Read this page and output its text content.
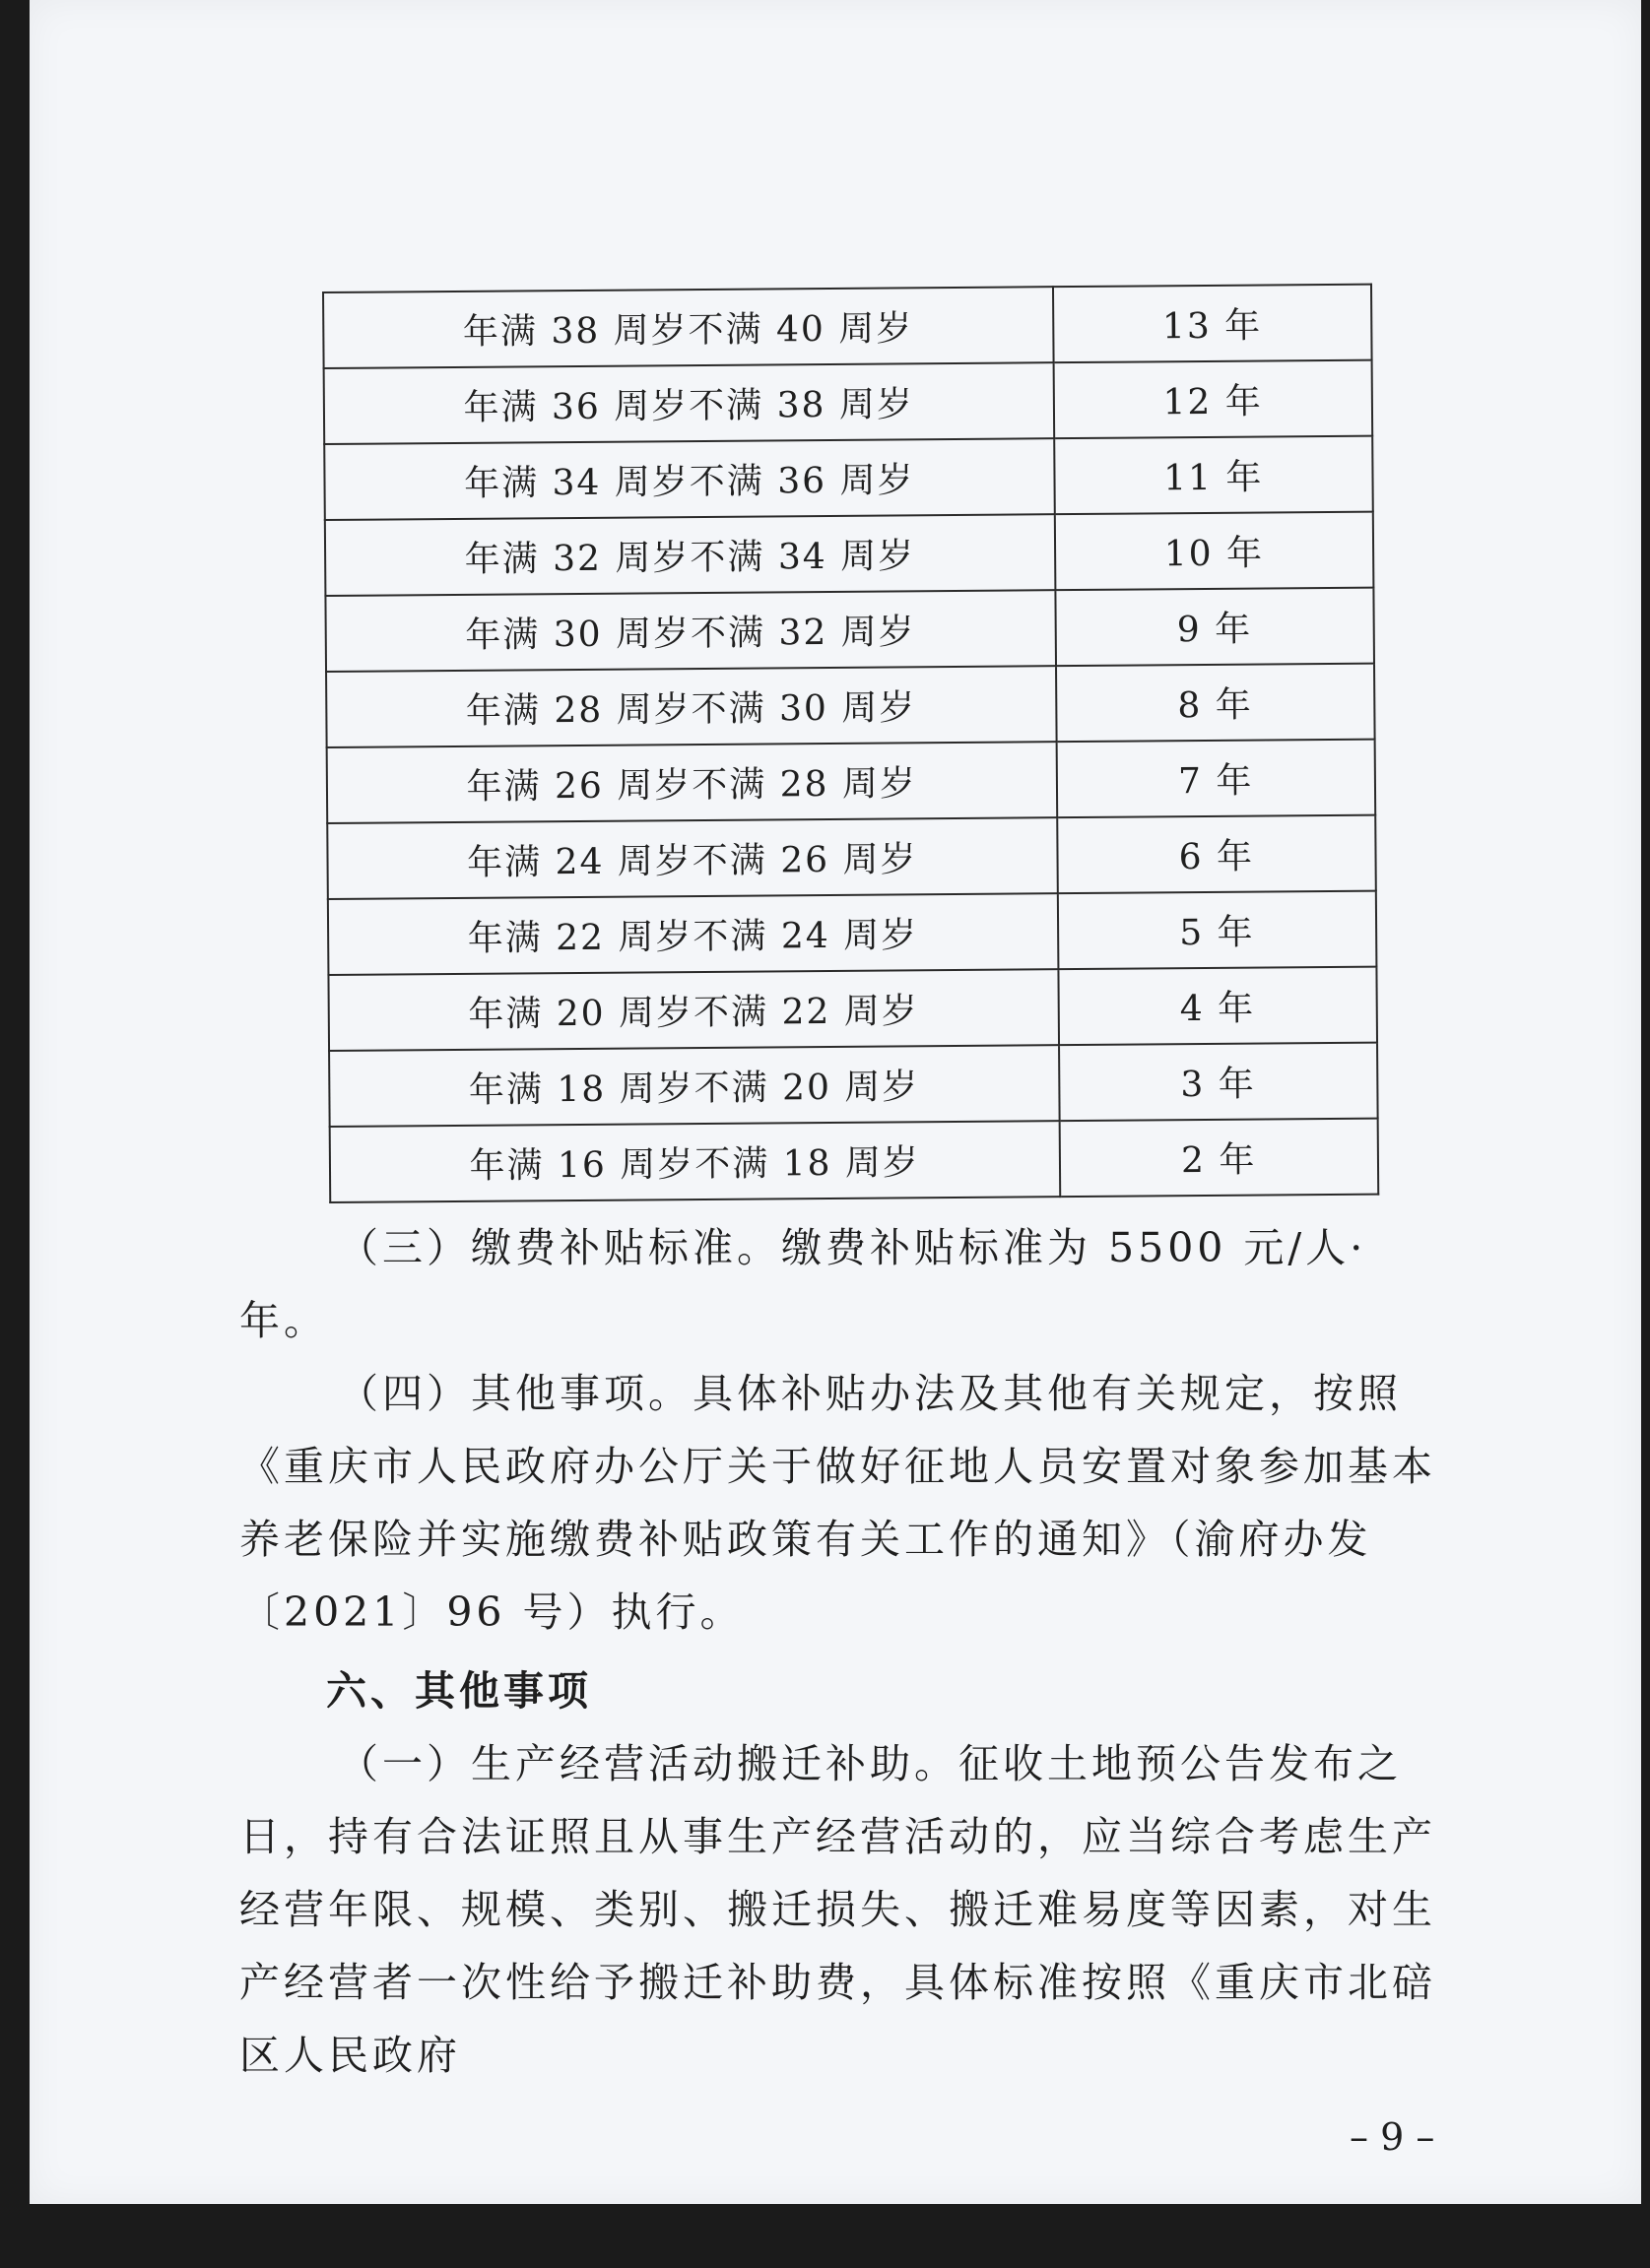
年满 38 周岁不满 40 周岁	13 年
年满 36 周岁不满 38 周岁	12 年
年满 34 周岁不满 36 周岁	11 年
年满 32 周岁不满 34 周岁	10 年
年满 30 周岁不满 32 周岁	9 年
年满 28 周岁不满 30 周岁	8 年
年满 26 周岁不满 28 周岁	7 年
年满 24 周岁不满 26 周岁	6 年
年满 22 周岁不满 24 周岁	5 年
年满 20 周岁不满 22 周岁	4 年
年满 18 周岁不满 20 周岁	3 年
年满 16 周岁不满 18 周岁	2 年
（三）缴费补贴标准。缴费补贴标准为 5500 元/人·年。
（四）其他事项。具体补贴办法及其他有关规定，按照《重庆市人民政府办公厅关于做好征地人员安置对象参加基本养老保险并实施缴费补贴政策有关工作的通知》（渝府办发〔2021〕96 号）执行。
六、其他事项
（一）生产经营活动搬迁补助。征收土地预公告发布之日，持有合法证照且从事生产经营活动的，应当综合考虑生产经营年限、规模、类别、搬迁损失、搬迁难易度等因素，对生产经营者一次性给予搬迁补助费，具体标准按照《重庆市北碚区人民政府
– 9 –
